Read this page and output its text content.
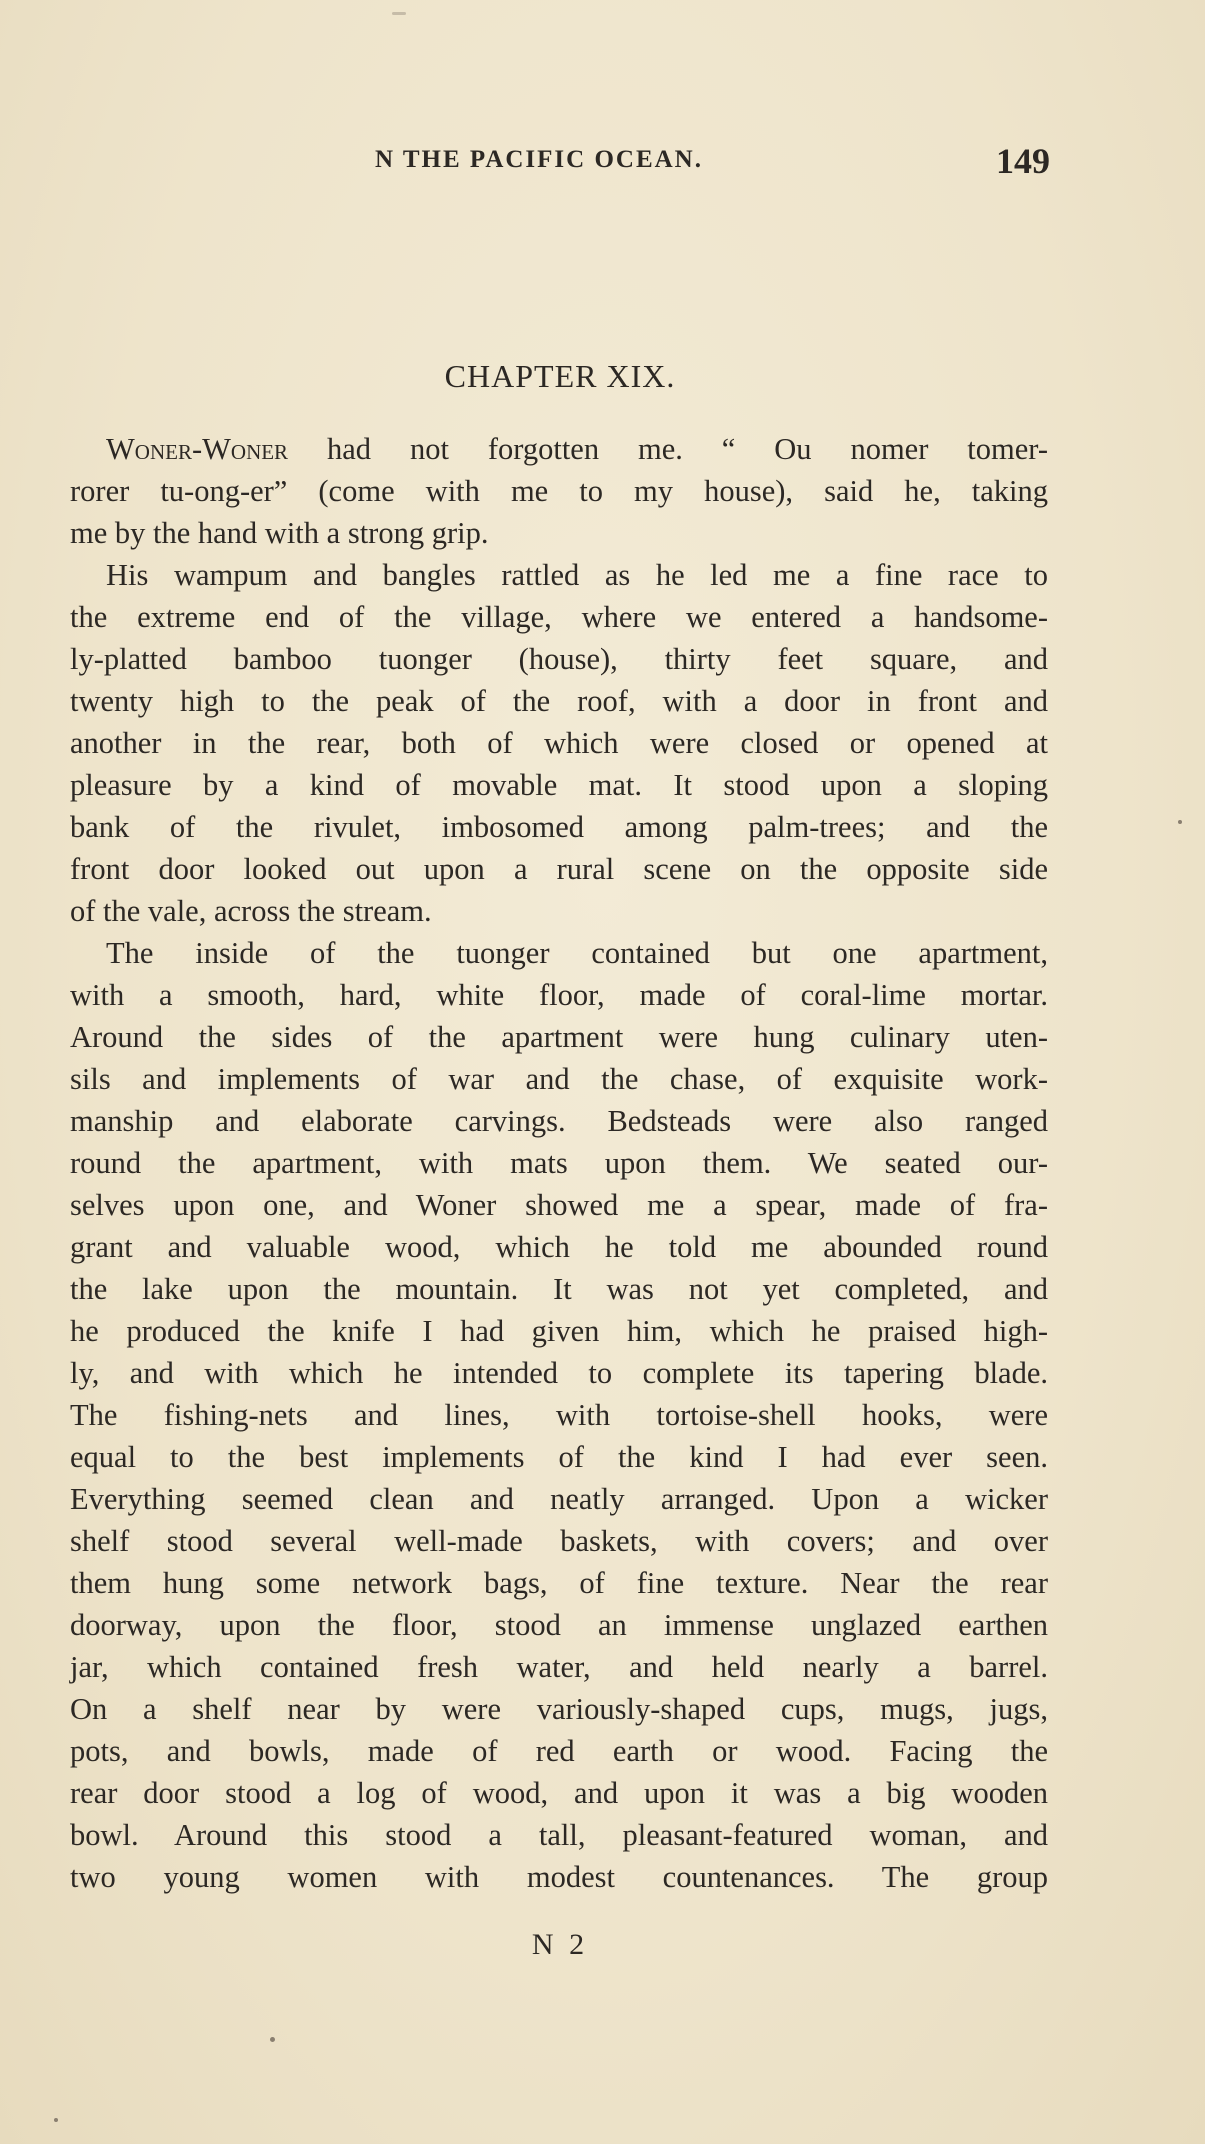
N THE PACIFIC OCEAN.	149
CHAPTER XIX.

Woner-Woner had not forgotten me. “ Ou nomer tomer-
rorer tu-ong-er” (come with me to my house), said he, taking
me by the hand with a strong grip.

His wampum and bangles rattled as he led me a fine race to
the extreme end of the village, where we entered a handsome-
ly-platted bamboo tuonger (house), thirty feet square, and
twenty high to the peak of the roof, with a door in front and
another in the rear, both of which were closed or opened at
pleasure by a kind of movable mat. It stood upon a sloping
bank of the rivulet, imbosomed among palm-trees; and the
front door looked out upon a rural scene on the opposite side
of the vale, across the stream.

The inside of the tuonger contained but one apartment,
with a smooth, hard, white floor, made of coral-lime mortar.
Around the sides of the apartment were hung culinary uten-
sils and implements of war and the chase, of exquisite work-
manship and elaborate carvings. Bedsteads were also ranged
round the apartment, with mats upon them. We seated our-
selves upon one, and Woner showed me a spear, made of fra-
grant and valuable wood, which he told me abounded round
the lake upon the mountain. It was not yet completed, and
he produced the knife I had given him, which he praised high-
ly, and with which he intended to complete its tapering blade.
The fishing-nets and lines, with tortoise-shell hooks, were
equal to the best implements of the kind I had ever seen.
Everything seemed clean and neatly arranged. Upon a wicker
shelf stood several well-made baskets, with covers; and over
them hung some network bags, of fine texture. Near the rear
doorway, upon the floor, stood an immense unglazed earthen
jar, which contained fresh water, and held nearly a barrel.
On a shelf near by were variously-shaped cups, mugs, jugs,
pots, and bowls, made of red earth or wood. Facing the
rear door stood a log of wood, and upon it was a big wooden
bowl. Around this stood a tall, pleasant-featured woman, and
two young women with modest countenances. The group

N 2
